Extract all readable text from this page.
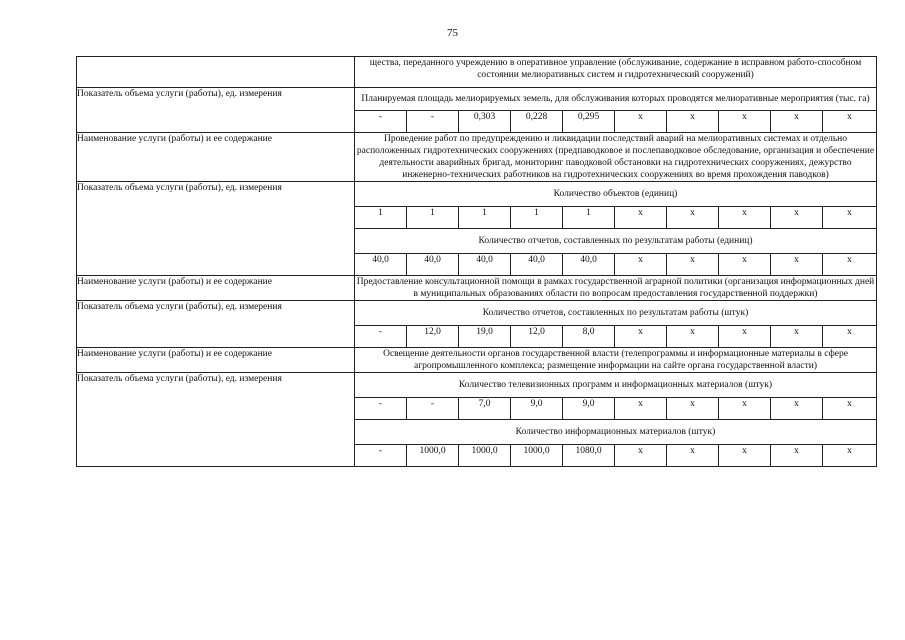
75
	щества, переданного учреждению в оперативное управление (обслуживание, содержание в исправном работо-способном состоянии мелиоративных систем и гидротехнический сооружений)									
Показатель объема услуги (работы), ед. измерения	Планируемая площадь мелиорируемых земель, для обслуживания которых проводятся мелиоративные мероприятия (тыс. га)									
	-	-	0,303	0,228	0,295	x	x	x	x	x
Наименование услуги (работы) и ее содержание	Проведение работ по предупреждению и ликвидации последствий аварий на мелиоративных системах и отдельно расположенных гидротехнических сооружениях (предпаводковое и послепаводковое обследование, организация и обеспечение деятельности аварийных бригад, мониторинг паводковой обстановки на гидротехнических сооружениях, дежурство инженерно-технических работников на гидротехнических сооружениях во время прохождения паводков)									
Показатель объема услуги (работы), ед. измерения	Количество объектов (единиц)									
	1	1	1	1	1	x	x	x	x	x
	Количество отчетов, составленных по результатам работы (единиц)									
	40,0	40,0	40,0	40,0	40,0	x	x	x	x	x
Наименование услуги (работы) и ее содержание	Предоставление консультационной помощи в рамках государственной аграрной политики (организация информационных дней в муниципальных образованиях области по вопросам предоставления государственной поддержки)									
Показатель объема услуги (работы), ед. измерения	Количество отчетов, составленных по результатам работы (штук)									
	-	12,0	19,0	12,0	8,0	x	x	x	x	x
Наименование услуги (работы) и ее содержание	Освещение деятельности органов государственной власти (телепрограммы и информационные материалы в сфере агропромышленного комплекса; размещение информации на сайте органа государственной власти)									
Показатель объема услуги (работы), ед. измерения	Количество телевизионных программ и информационных материалов (штук)									
	-	-	7,0	9,0	9,0	x	x	x	x	x
	Количество информационных материалов (штук)									
	-	1000,0	1000,0	1000,0	1080,0	x	x	x	x	x
